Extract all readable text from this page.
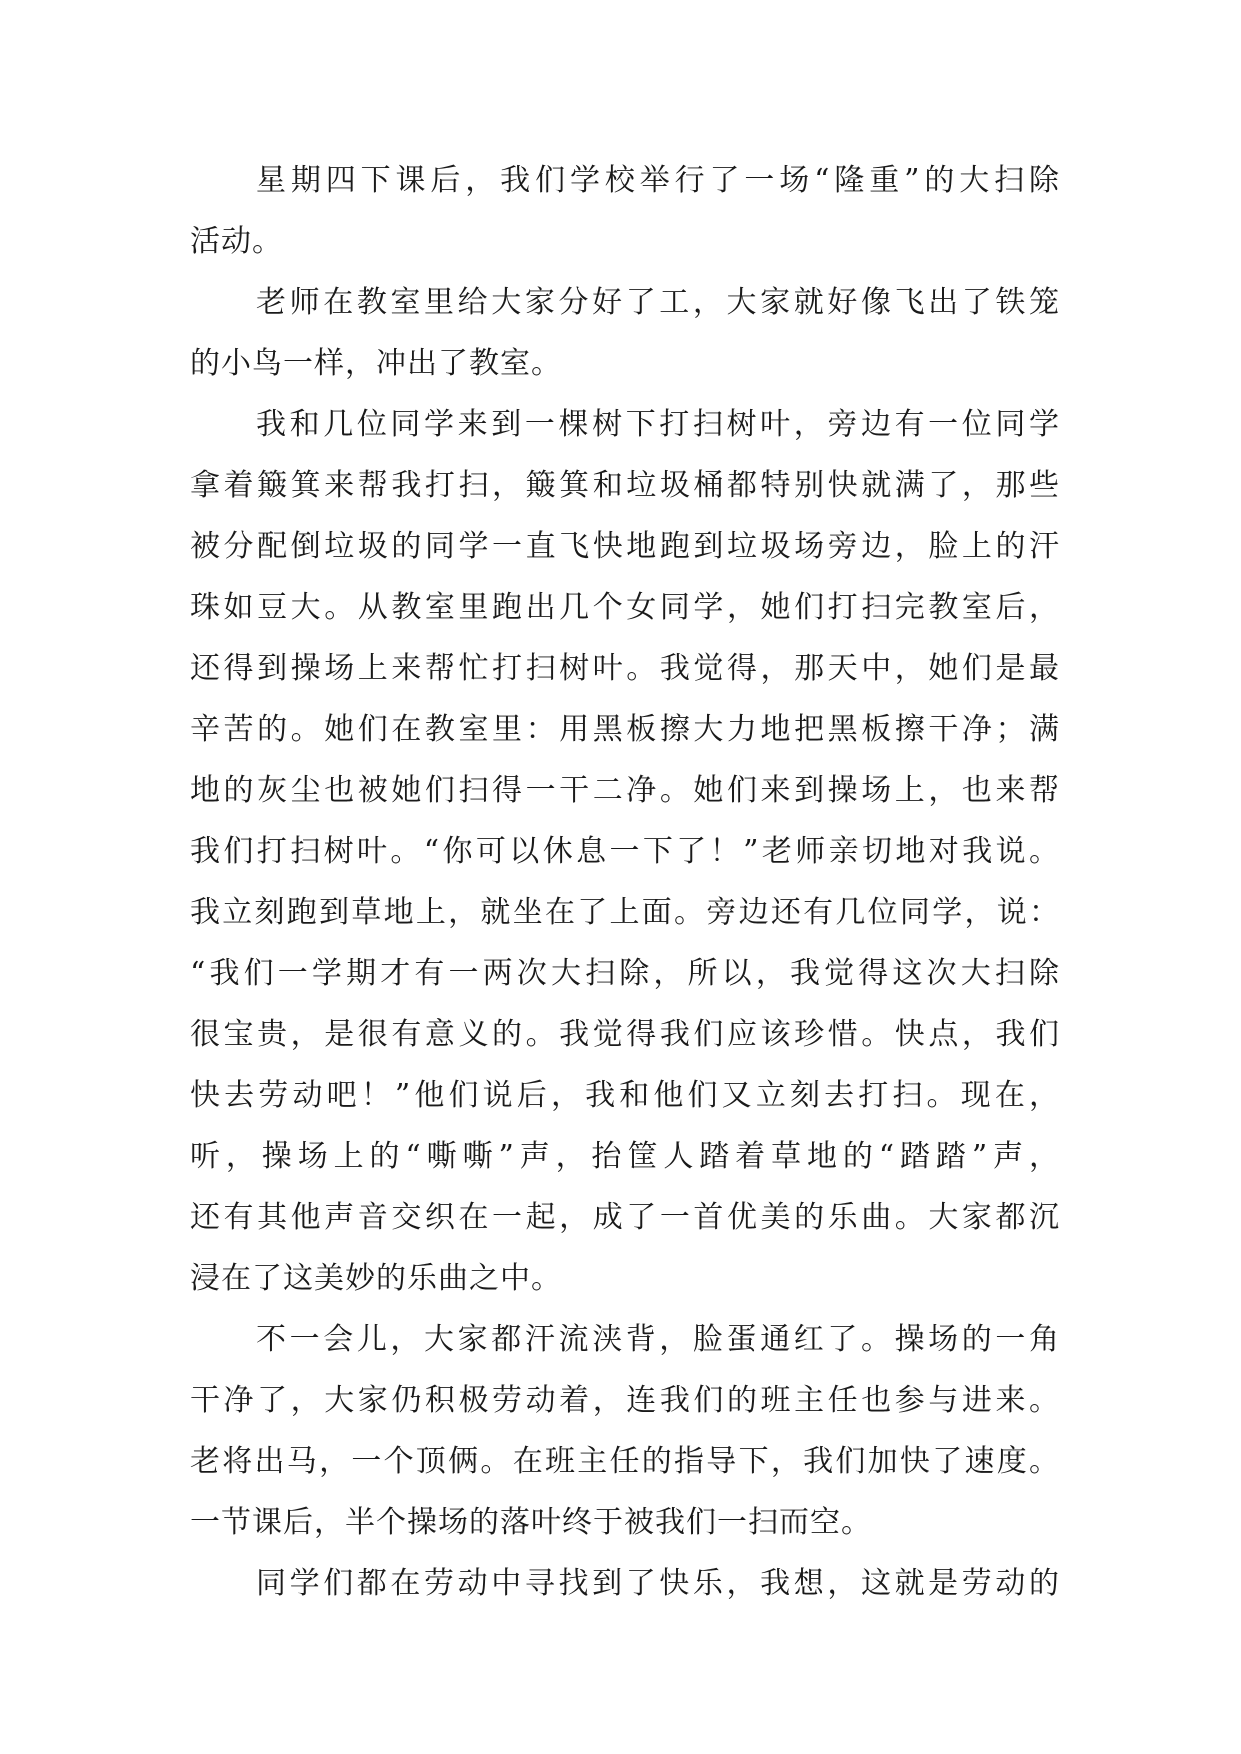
星期四下课后，我们学校举行了一场“隆重”的大扫除
活动。
老师在教室里给大家分好了工，大家就好像飞出了铁笼
的小鸟一样，冲出了教室。
我和几位同学来到一棵树下打扫树叶，旁边有一位同学
拿着簸箕来帮我打扫，簸箕和垃圾桶都特别快就满了，那些
被分配倒垃圾的同学一直飞快地跑到垃圾场旁边，脸上的汗
珠如豆大。从教室里跑出几个女同学，她们打扫完教室后，
还得到操场上来帮忙打扫树叶。我觉得，那天中，她们是最
辛苦的。她们在教室里：用黑板擦大力地把黑板擦干净；满
地的灰尘也被她们扫得一干二净。她们来到操场上，也来帮
我们打扫树叶。“你可以休息一下了！”老师亲切地对我说。
我立刻跑到草地上，就坐在了上面。旁边还有几位同学，说：
“我们一学期才有一两次大扫除，所以，我觉得这次大扫除
很宝贵，是很有意义的。我觉得我们应该珍惜。快点，我们
快去劳动吧！”他们说后，我和他们又立刻去打扫。现在，
听，操场上的“嘶嘶”声，抬筐人踏着草地的“踏踏”声，
还有其他声音交织在一起，成了一首优美的乐曲。大家都沉
浸在了这美妙的乐曲之中。
不一会儿，大家都汗流浃背，脸蛋通红了。操场的一角
干净了，大家仍积极劳动着，连我们的班主任也参与进来。
老将出马，一个顶俩。在班主任的指导下，我们加快了速度。
一节课后，半个操场的落叶终于被我们一扫而空。
同学们都在劳动中寻找到了快乐，我想，这就是劳动的
